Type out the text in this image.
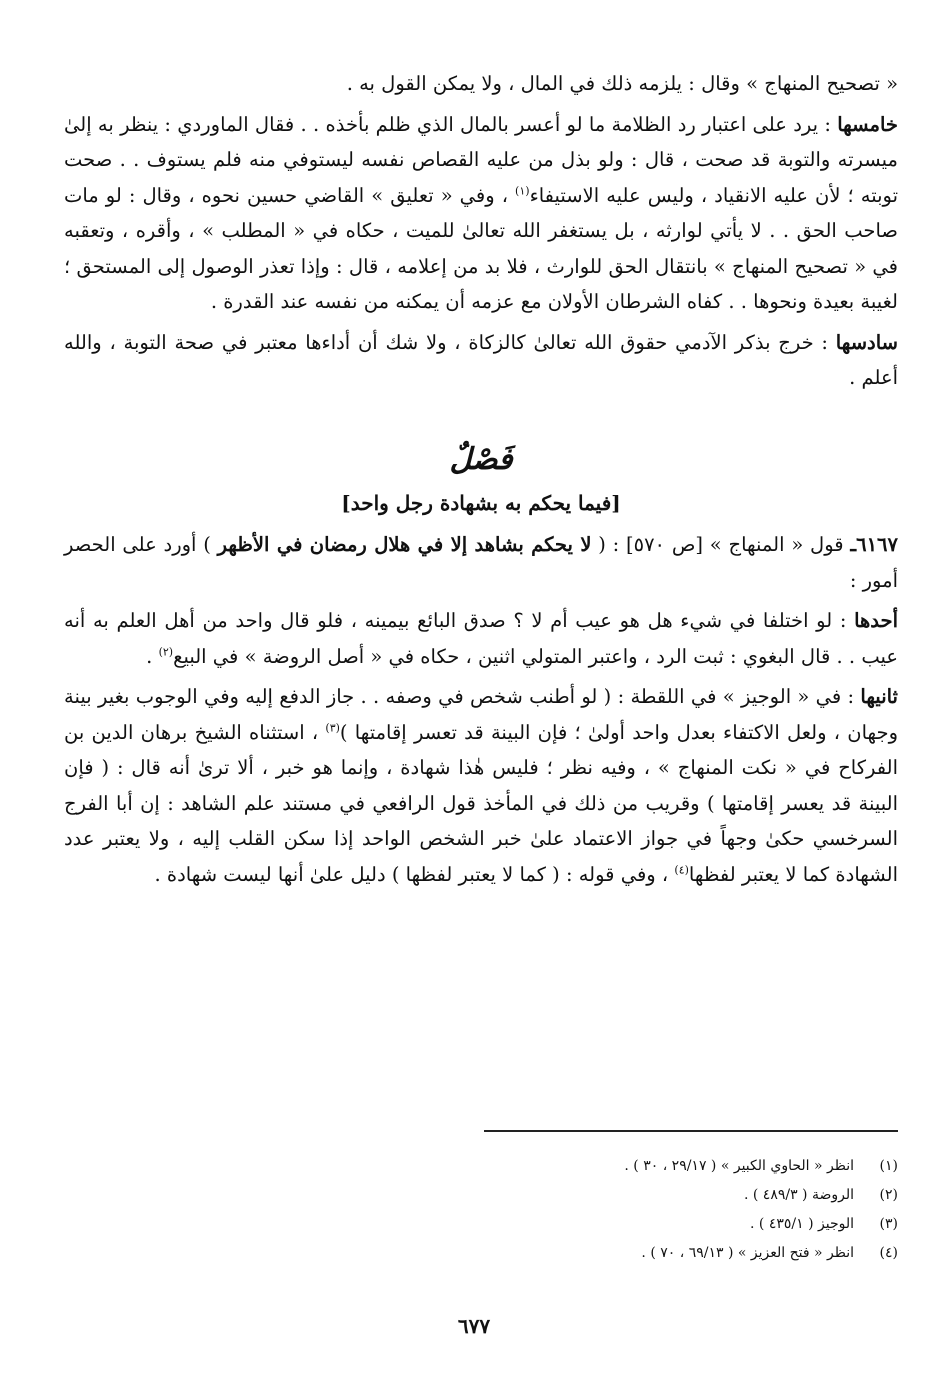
« تصحيح المنهاج » وقال : يلزمه ذلك في المال ، ولا يمكن القول به .

خامسها : يرد على اعتبار رد الظلامة ما لو أعسر بالمال الذي ظلم بأخذه . . فقال الماوردي : ينظر به إلىٰ ميسرته والتوبة قد صحت ، قال : ولو بذل من عليه القصاص نفسه ليستوفي منه فلم يستوف . . صحت توبته ؛ لأن عليه الانقياد ، وليس عليه الاستيفاء$^{(١)}$ ، وفي « تعليق » القاضي حسين نحوه ، وقال : لو مات صاحب الحق . . لا يأتي لوارثه ، بل يستغفر الله تعالىٰ للميت ، حكاه في « المطلب » ، وأقره ، وتعقبه في « تصحيح المنهاج » بانتقال الحق للوارث ، فلا بد من إعلامه ، قال : وإذا تعذر الوصول إلى المستحق ؛ لغيبة بعيدة ونحوها . . كفاه الشرطان الأولان مع عزمه أن يمكنه من نفسه عند القدرة .

سادسها : خرج بذكر الآدمي حقوق الله تعالىٰ كالزكاة ، ولا شك أن أداءها معتبر في صحة التوبة ، والله أعلم .

فَصْلٌ
[فيما يحكم به بشهادة رجل واحد]

٦١٦٧ـ قول « المنهاج » [ص ٥٧٠] : ( لا يحكم بشاهد إلا في هلال رمضان في الأظهر ) أورد على الحصر أمور :

أحدها : لو اختلفا في شيء هل هو عيب أم لا ؟ صدق البائع بيمينه ، فلو قال واحد من أهل العلم به أنه عيب . . قال البغوي : ثبت الرد ، واعتبر المتولي اثنين ، حكاه في « أصل الروضة » في البيع$^{(٢)}$ .

ثانيها : في « الوجيز » في اللقطة : ( لو أطنب شخص في وصفه . . جاز الدفع إليه وفي الوجوب بغير بينة وجهان ، ولعل الاكتفاء بعدل واحد أولىٰ ؛ فإن البينة قد تعسر إقامتها )$^{(٣)}$ ، استثناه الشيخ برهان الدين بن الفركاح في « نكت المنهاج » ، وفيه نظر ؛ فليس هٰذا شهادة ، وإنما هو خبر ، ألا ترىٰ أنه قال : ( فإن البينة قد يعسر إقامتها ) وقريب من ذلك في المأخذ قول الرافعي في مستند علم الشاهد : إن أبا الفرج السرخسي حكىٰ وجهاً في جواز الاعتماد علىٰ خبر الشخص الواحد إذا سكن القلب إليه ، ولا يعتبر عدد الشهادة كما لا يعتبر لفظها$^{(٤)}$ ، وفي قوله : ( كما لا يعتبر لفظها ) دليل علىٰ أنها ليست شهادة .

(١)
انظر « الحاوي الكبير » ( ٢٩/١٧ ، ٣٠ ) .
(٢)
الروضة ( ٤٨٩/٣ ) .
(٣)
الوجيز ( ٤٣٥/١ ) .
(٤)
انظر « فتح العزيز » ( ٦٩/١٣ ، ٧٠ ) .
٦٧٧
